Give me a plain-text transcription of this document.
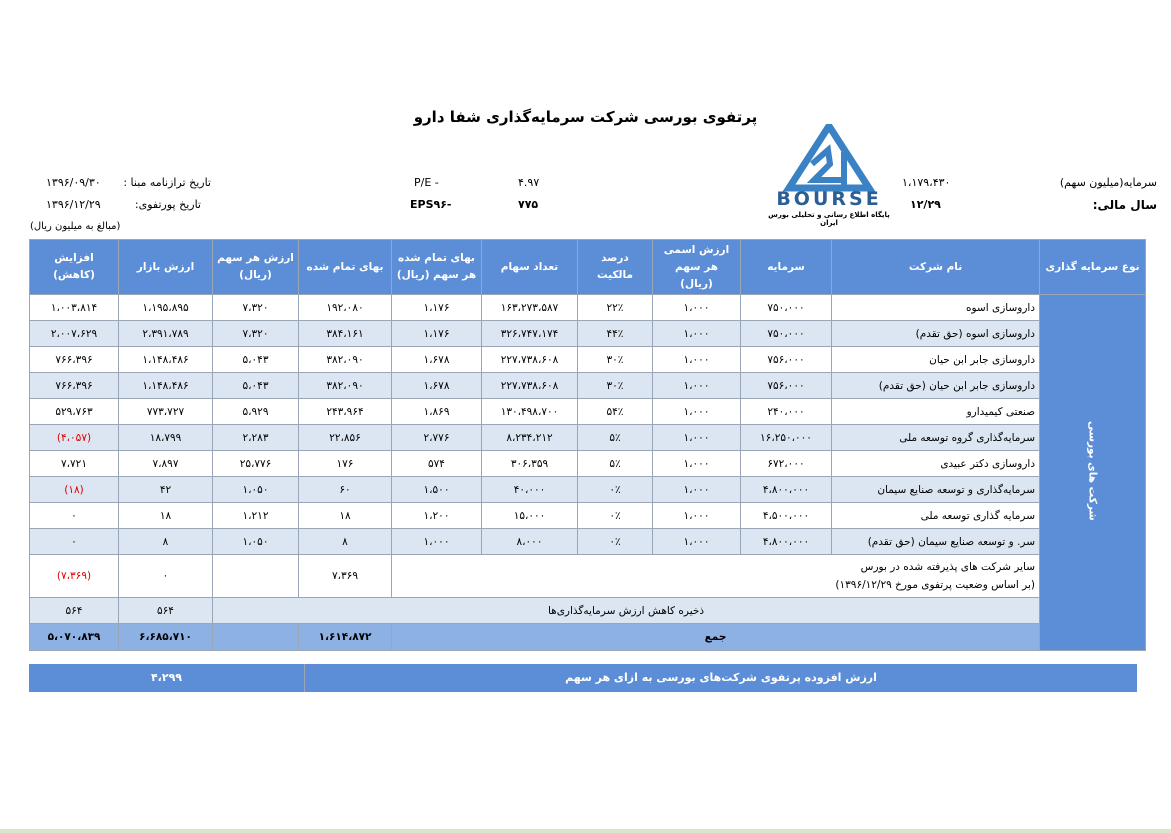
پرتفوی بورسی شرکت سرمایه‌گذاری شفا دارو
سرمایه(میلیون سهم)
۱،۱۷۹،۴۳۰
سال مالی:
۱۲/۲۹
BOURSE
پایگاه اطلاع رسانی و تحلیلی بورس ایران
۴.۹۷
P/E -
۷۷۵
EPS۹۶-
تاریخ ترازنامه مبنا :
۱۳۹۶/۰۹/۳۰
تاریخ پورتفوی:
۱۳۹۶/۱۲/۲۹
(مبالغ به میلیون ریال)
افزایش (کاهش)	ارزش بازار	ارزش هر سهم (ریال)	بهای تمام شده	بهای تمام شده هر سهم (ریال)	تعداد سهام	درصد مالکیت	ارزش اسمی هر سهم (ریال)	سرمایه	نام شرکت	نوع سرمایه گذاری
۱،۰۰۳،۸۱۴	۱،۱۹۵،۸۹۵	۷،۳۲۰	۱۹۲،۰۸۰	۱،۱۷۶	۱۶۳،۲۷۳،۵۸۷	۲۲٪	۱،۰۰۰	۷۵۰،۰۰۰	داروسازی اسوه	شرکت های بورسی
۲،۰۰۷،۶۲۹	۲،۳۹۱،۷۸۹	۷،۳۲۰	۳۸۴،۱۶۱	۱،۱۷۶	۳۲۶،۷۴۷،۱۷۴	۴۴٪	۱،۰۰۰	۷۵۰،۰۰۰	داروسازی اسوه (حق تقدم)	
۷۶۶،۳۹۶	۱،۱۴۸،۴۸۶	۵،۰۴۳	۳۸۲،۰۹۰	۱،۶۷۸	۲۲۷،۷۳۸،۶۰۸	۳۰٪	۱،۰۰۰	۷۵۶،۰۰۰	داروسازی جابر ابن حیان	
۷۶۶،۳۹۶	۱،۱۴۸،۴۸۶	۵،۰۴۳	۳۸۲،۰۹۰	۱،۶۷۸	۲۲۷،۷۳۸،۶۰۸	۳۰٪	۱،۰۰۰	۷۵۶،۰۰۰	داروسازی جابر ابن حیان (حق تقدم)	
۵۲۹،۷۶۳	۷۷۳،۷۲۷	۵،۹۲۹	۲۴۳،۹۶۴	۱،۸۶۹	۱۳۰،۴۹۸،۷۰۰	۵۴٪	۱،۰۰۰	۲۴۰،۰۰۰	صنعتی کیمیدارو	
(۴،۰۵۷)	۱۸،۷۹۹	۲،۲۸۳	۲۲،۸۵۶	۲،۷۷۶	۸،۲۳۴،۲۱۲	۵٪	۱،۰۰۰	۱۶،۲۵۰،۰۰۰	سرمایه‌گذاری گروه توسعه ملی	
۷،۷۲۱	۷،۸۹۷	۲۵،۷۷۶	۱۷۶	۵۷۴	۳۰۶،۳۵۹	۵٪	۱،۰۰۰	۶۷۲،۰۰۰	داروسازی دکتر عبیدی	
(۱۸)	۴۲	۱،۰۵۰	۶۰	۱،۵۰۰	۴۰،۰۰۰	۰٪	۱،۰۰۰	۴،۸۰۰،۰۰۰	سرمایه‌گذاری و توسعه صنایع سیمان	
۰	۱۸	۱،۲۱۲	۱۸	۱،۲۰۰	۱۵،۰۰۰	۰٪	۱،۰۰۰	۴،۵۰۰،۰۰۰	سرمایه گذاری توسعه ملی	
۰	۸	۱،۰۵۰	۸	۱،۰۰۰	۸،۰۰۰	۰٪	۱،۰۰۰	۴،۸۰۰،۰۰۰	سر. و توسعه صنایع سیمان (حق تقدم)	
(۷،۳۶۹)	۰		۷،۳۶۹	سایر شرکت های پذیرفته شده در بورس
(بر اساس وضعیت پرتفوی مورخ ۱۳۹۶/۱۲/۲۹)						

۵۶۴	۵۶۴	ذخیره کاهش ارزش سرمایه‌گذاری‌ها								
۵،۰۷۰،۸۳۹	۶،۶۸۵،۷۱۰		۱،۶۱۴،۸۷۲	جمع						
۴،۲۹۹	ارزش افزوده پرتفوی شرکت‌های بورسی به ازای هر سهم
